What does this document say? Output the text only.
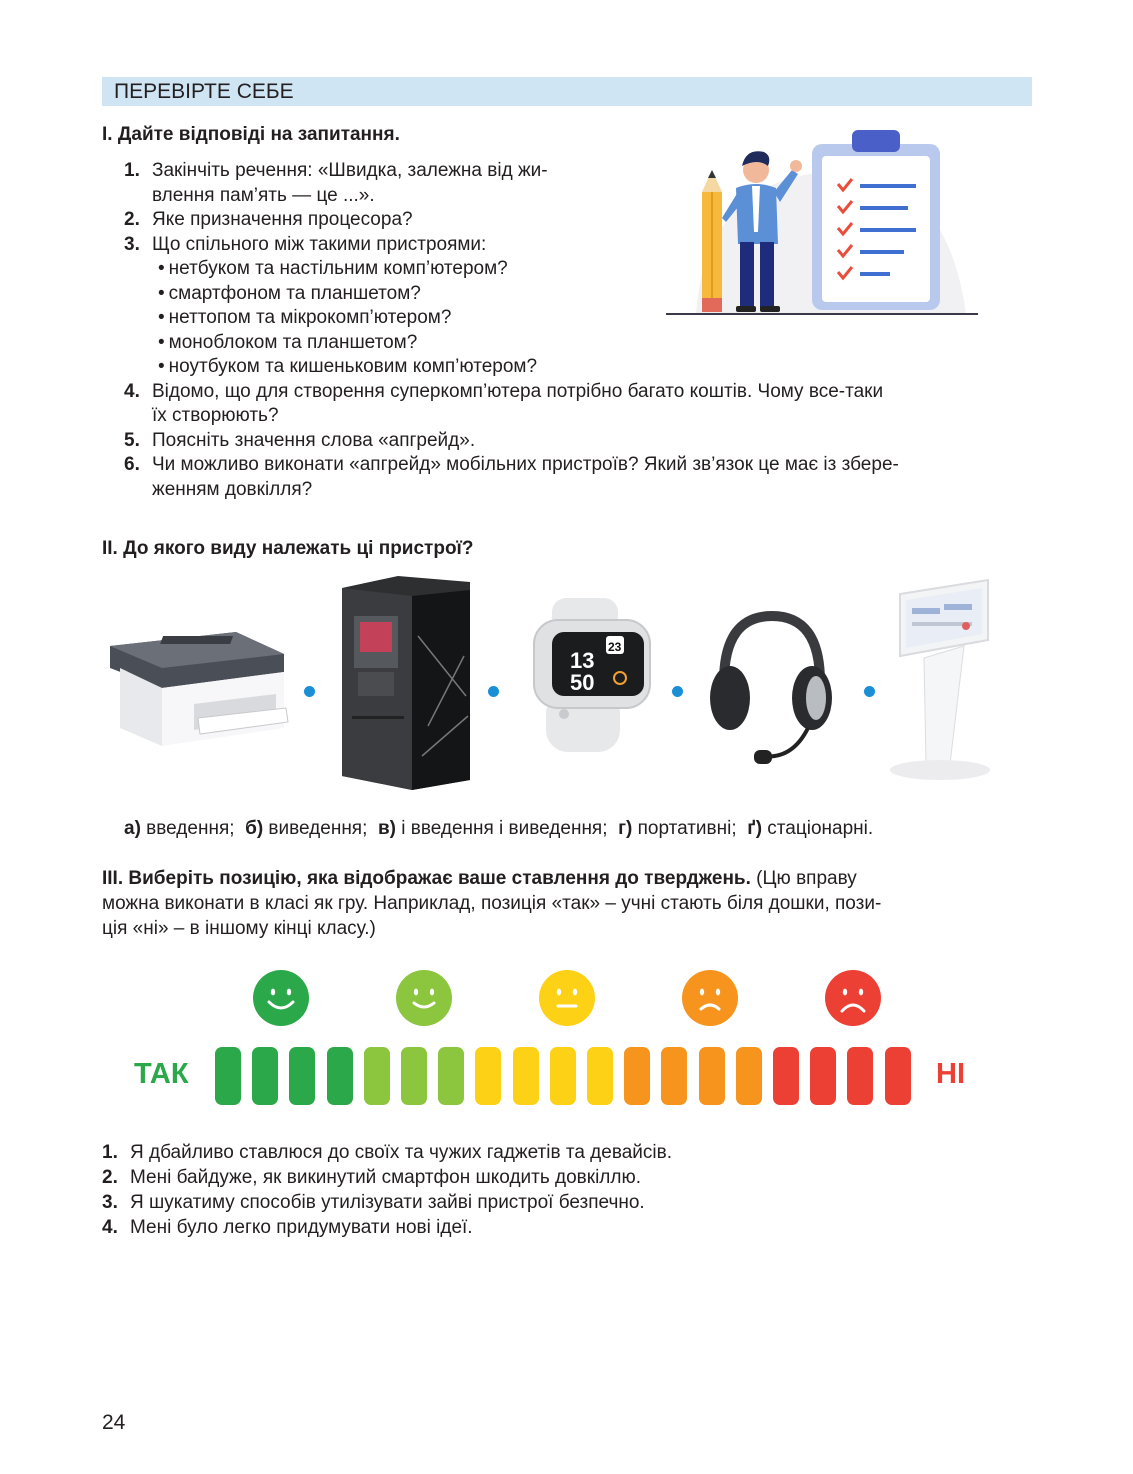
ПЕРЕВІРТЕ СЕБЕ
I. Дайте відповіді на запитання.
1. Закінчіть речення: «Швидка, залежна від жи-
влення пам’ять — це ...».
2. Яке призначення процесора?
3. Що спільного між такими пристроями:
• нетбуком та настільним комп’ютером?
• смартфоном та планшетом?
• неттопом та мікрокомп’ютером?
• моноблоком та планшетом?
• ноутбуком та кишеньковим комп’ютером?
4. Відомо, що для створення суперкомп’ютера потрібно багато коштів. Чому все-таки
їх створюють?
5. Поясніть значення слова «апгрейд».
6. Чи можливо виконати «апгрейд» мобільних пристроїв? Який зв’язок це має із збере-
женням довкілля?
II. До якого виду належать ці пристрої?
13
50
23
а) введення;  б) виведення;  в) і введення і виведення;  г) портативні;  ґ) стаціонарні.
III. Виберіть позицію, яка відображає ваше ставлення до тверджень. (Цю вправу
можна виконати в класі як гру. Наприклад, позиція «так» – учні стають біля дошки, пози-
ція «ні» – в іншому кінці класу.)
ТАК	НІ
1. Я дбайливо ставлюся до своїх та чужих гаджетів та девайсів.
2. Мені байдуже, як викинутий смартфон шкодить довкіллю.
3. Я шукатиму способів утилізувати зайві пристрої безпечно.
4. Мені було легко придумувати нові ідеї.
24
